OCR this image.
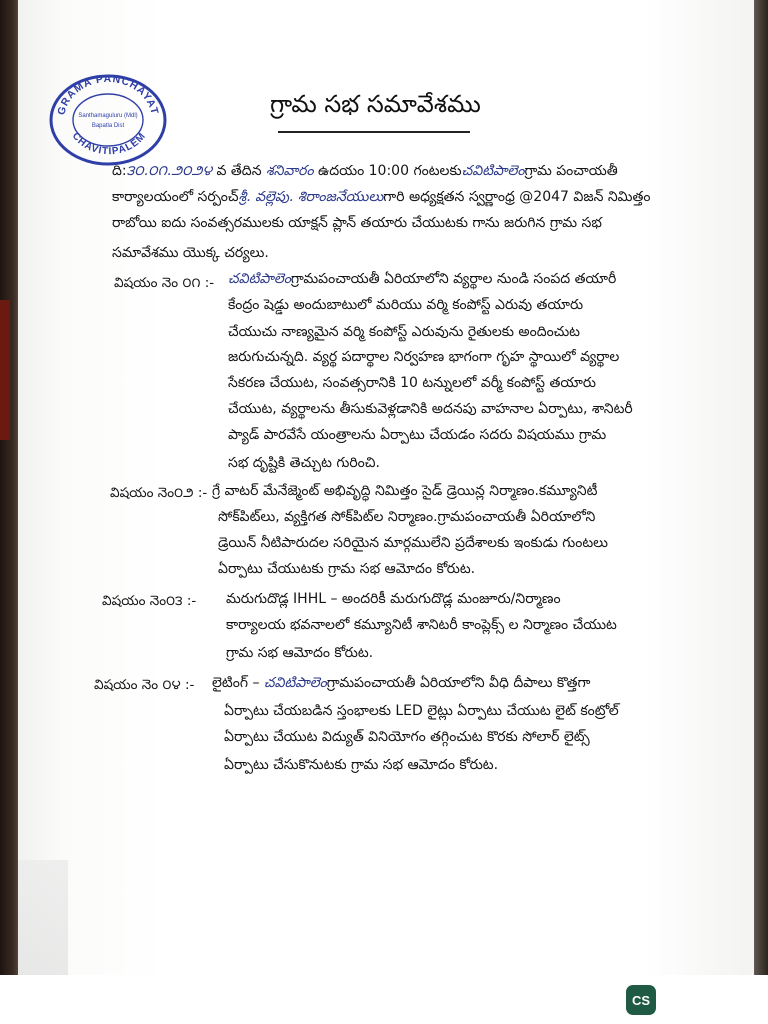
GRAMA PANCHAYAT
CHAVITIPALEM
Santhamaguluru (Mdl)
Bapatla Dist
గ్రామ సభ సమావేశము
ది:౩౦.౦౧.౨౦౨౪ వ తేదిన శనివారం ఉదయం 10:00 గంటలకుచవిటిపాలెంగ్రామ పంచాయతీ
కార్యాలయంలో సర్పంచ్శ్రీ. వల్లెపు. శిరాంజనేయులుగారి అధ్యక్షతన స్వర్ణాంధ్ర @2047 విజన్ నిమిత్తం
రాబోయి ఐదు సంవత్సరములకు యాక్షన్ ప్లాన్ తయారు చేయుటకు గాను జరుగిన గ్రామ సభ
సమావేశము యొక్క చర్యలు.
విషయం నెం ౦౧ :- చవిటిపాలెంగ్రామపంచాయతీ ఏరియాలోని వ్యర్థాల నుండి సంపద తయారీ
కేంద్రం షెడ్డు అందుబాటులో మరియు వర్మి కంపోస్ట్ ఎరువు తయారు
చేయుచు నాణ్యమైన వర్మి కంపోస్ట్ ఎరువును రైతులకు అందించుట
జరుగుచున్నది. వ్యర్థ పదార్థాల నిర్వహణ భాగంగా గృహ స్థాయిలో వ్యర్థాల
సేకరణ చేయుట, సంవత్సరానికి 10 టన్నులలో వర్మీ కంపోస్ట్ తయారు
చేయుట, వ్యర్థాలను తీసుకువెళ్లడానికి అదనపు వాహనాల ఏర్పాటు, శానిటరీ
ప్యాడ్ పారవేసే యంత్రాలను ఏర్పాటు చేయడం సదరు విషయము గ్రామ
సభ దృష్టికి తెచ్చుట గురించి.
విషయం నెం౦౨ :- గ్రే వాటర్ మేనేజ్మెంట్ అభివృద్ధి నిమిత్తం సైడ్ డ్రెయిన్ల నిర్మాణం.కమ్యూనిటీ
సోక్‌పిట్‌లు, వ్యక్తిగత సోక్‌పిట్‌ల నిర్మాణం.గ్రామపంచాయతీ ఏరియాలోని
డ్రెయిన్ నీటిపారుదల సరియైన మార్గములేని ప్రదేశాలకు ఇంకుడు గుంటలు
ఏర్పాటు చేయుటకు గ్రామ సభ ఆమోదం కోరుట.
విషయం నెం౦౩ :- మరుగుదొడ్ల IHHL – అందరికీ మరుగుదొడ్ల మంజూరు/నిర్మాణం
కార్యాలయ భవనాలలో కమ్యూనిటీ శానిటరీ కాంప్లెక్స్ ల నిర్మాణం చేయుట
గ్రామ సభ ఆమోదం కోరుట.
విషయం నెం ౦౪ :- లైటింగ్ – చవిటిపాలెంగ్రామపంచాయతీ ఏరియాలోని వీధి దీపాలు కొత్తగా
ఏర్పాటు చేయబడిన స్తంభాలకు LED లైట్లు ఏర్పాటు చేయుట లైట్ కంట్రోల్
ఏర్పాటు చేయుట విద్యుత్ వినియోగం తగ్గించుట కొరకు సోలార్ లైట్స్
ఏర్పాటు చేసుకొనుటకు గ్రామ సభ ఆమోదం కోరుట.
CS
